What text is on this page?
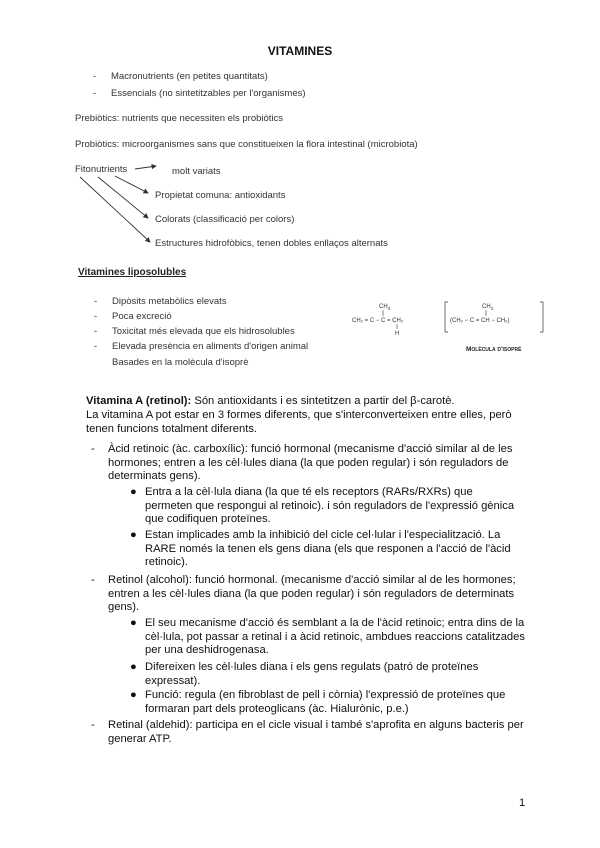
VITAMINES
- Macronutrients (en petites quantitats)
- Essencials (no sintetitzables per l'organismes)
Prebiòtics: nutrients que necessiten els probiòtics
Probiòtics: microorganismes sans que constitueixen la flora intestinal (microbiota)
Fitonutrients	molt variats
Propietat comuna: antioxidants
Colorats (classificació per colors)
Estructures hidrofòbics, tenen dobles enllaços alternats
Vitamines liposolubles
- Dipòsits metabòlics elevats
- Poca excreció
- Toxicitat més elevada que els hidrosolubles
- Elevada presència en aliments d'origen animal
Basades en la molècula d'isoprè
$CH_3$
CH₂ = C − C = CH₂
H
$CH_3$
(CH₂ − C = CH − CH₂)
Molècula d'isoprè
Vitamina A (retinol): Són antioxidants i es sintetitzen a partir del β-carotè.
La vitamina A pot estar en 3 formes diferents, que s'interconverteixen entre elles, però tenen funcions totalment diferents.
- Àcid retinoic (àc. carboxílic): funció hormonal (mecanisme d'acció similar al de les hormones; entren a les cèl·lules diana (la que poden regular) i són reguladors de determinats gens).
● Entra a la cèl·lula diana (la que té els receptors (RARs/RXRs) que permeten que respongui al retinoic). i són reguladors de l'expressió gènica que codifiquen proteïnes.
● Estan implicades amb la inhibició del cicle cel·lular i l'especialització. La RARE només la tenen els gens diana (els que responen a l'acció de l'àcid retinoic).
- Retinol (alcohol): funció hormonal. (mecanisme d'acció similar al de les hormones; entren a les cèl·lules diana (la que poden regular) i són reguladors de determinats gens).
● El seu mecanisme d'acció és semblant a la de l'àcid retinoic; entra dins de la cèl·lula, pot passar a retinal i a àcid retinoic, ambdues reaccions catalitzades per una deshidrogenasa.
● Difereixen les cèl·lules diana i els gens regulats (patró de proteïnes expressat).
● Funció: regula (en fibroblast de pell i còrnia) l'expressió de proteïnes que formaran part dels proteoglicans (àc. Hialurònic, p.e.)
- Retinal (aldehid): participa en el cicle visual i també s'aprofita en alguns bacteris per generar ATP.
1
